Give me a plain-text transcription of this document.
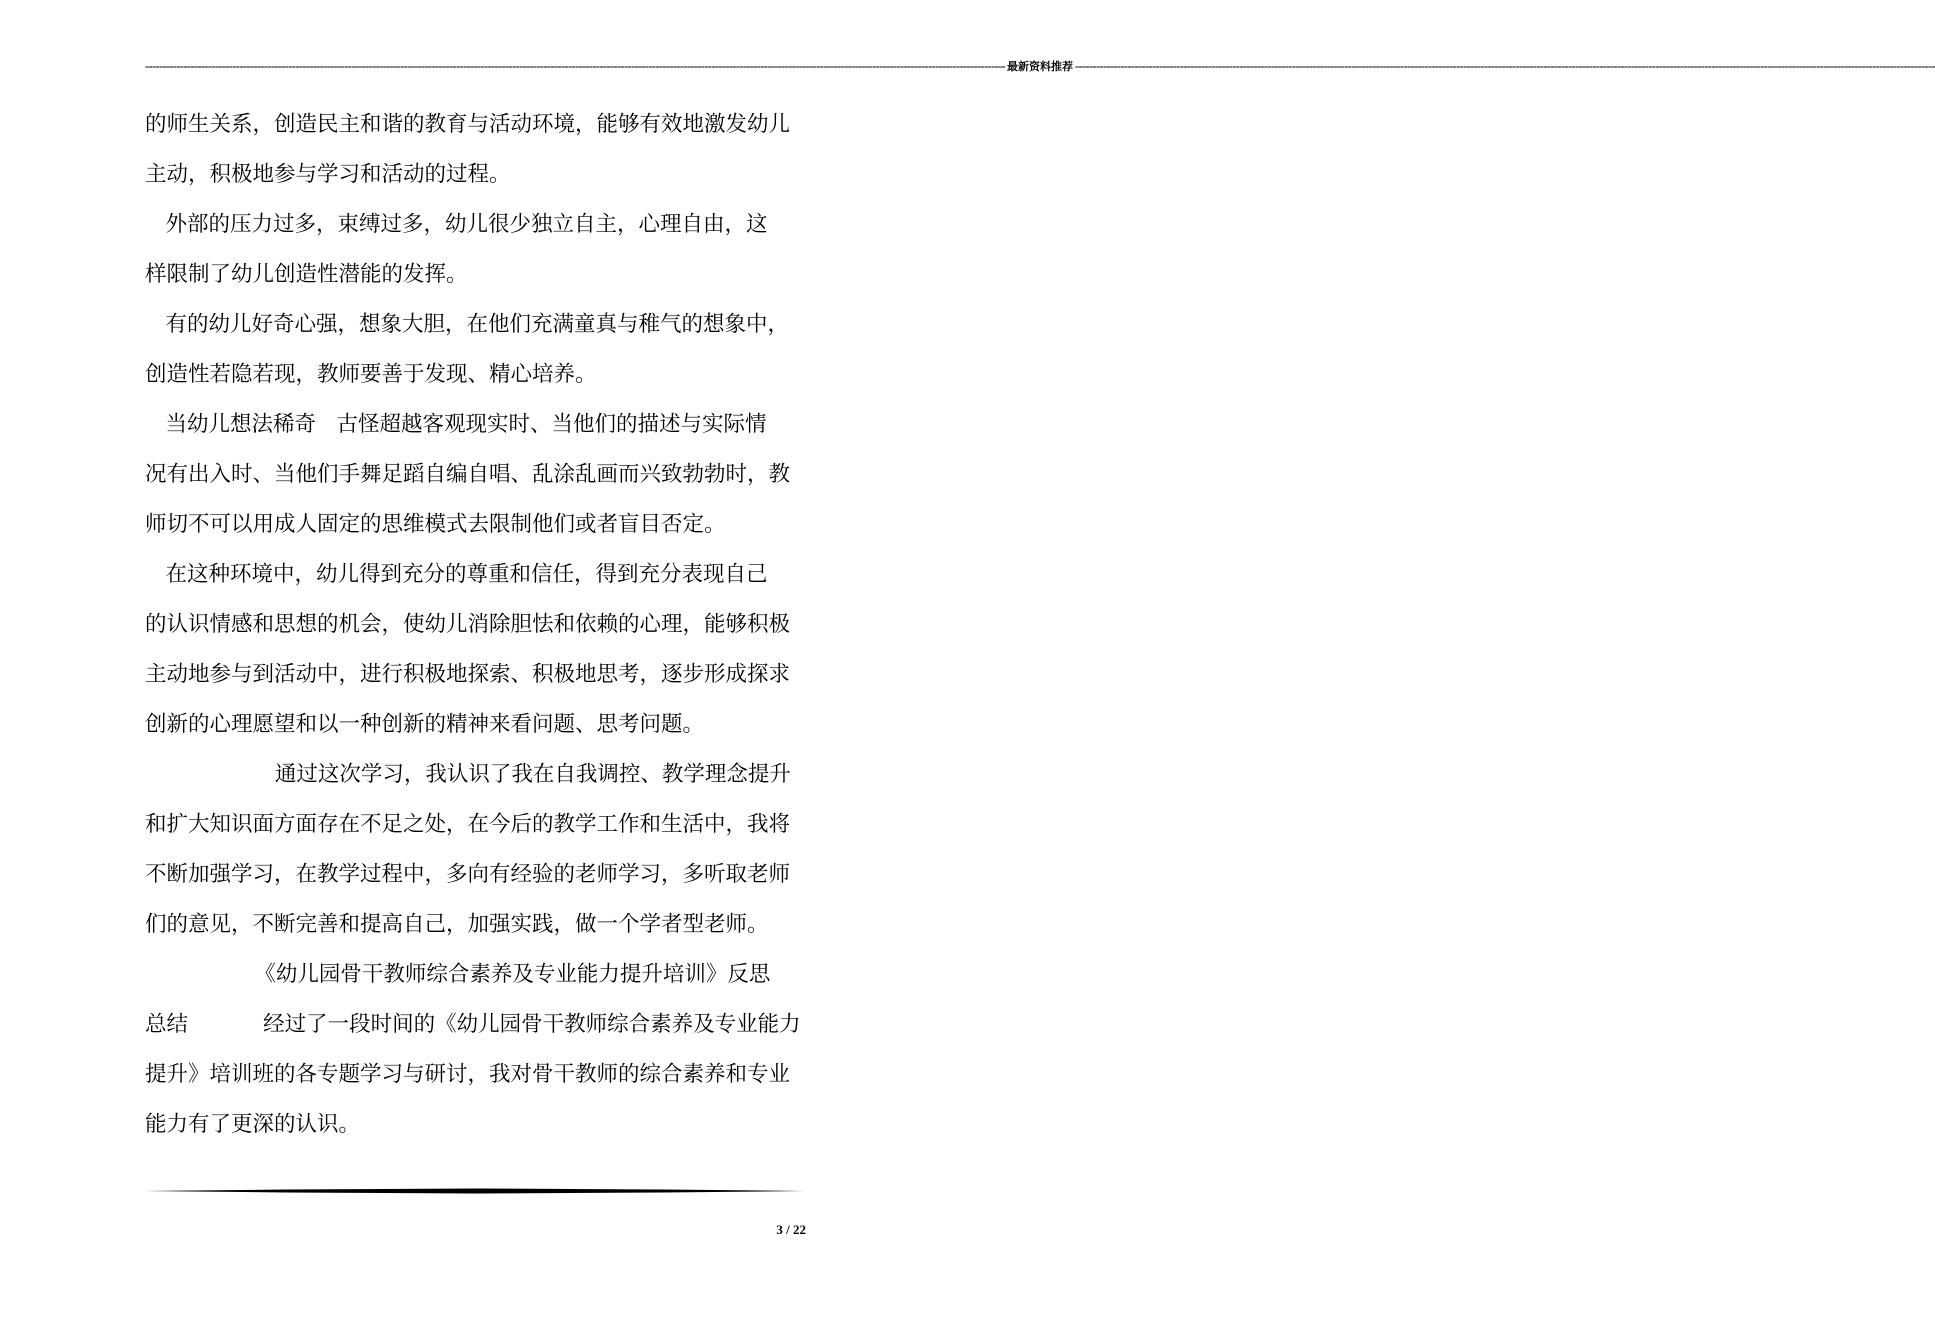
------------------------------------------------------------------------------------------------------------------------------------------------------------------------------------------------------------------------------------------------------ 最新资料推荐 ------------------------------------------------------------------------------------------------------------------------------------------------------------------------------------------------------------------------------------------------------
的师生关系，创造民主和谐的教育与活动环境，能够有效地激发幼儿
主动，积极地参与学习和活动的过程。
外部的压力过多，束缚过多，幼儿很少独立自主，心理自由，这
样限制了幼儿创造性潜能的发挥。
有的幼儿好奇心强，想象大胆，在他们充满童真与稚气的想象中，
创造性若隐若现，教师要善于发现、精心培养。
当幼儿想法稀奇   古怪超越客观现实时、当他们的描述与实际情
况有出入时、当他们手舞足蹈自编自唱、乱涂乱画而兴致勃勃时，教
师切不可以用成人固定的思维模式去限制他们或者盲目否定。
在这种环境中，幼儿得到充分的尊重和信任，得到充分表现自己
的认识情感和思想的机会，使幼儿消除胆怯和依赖的心理，能够积极
主动地参与到活动中，进行积极地探索、积极地思考，逐步形成探求
创新的心理愿望和以一种创新的精神来看问题、思考问题。
通过这次学习，我认识了我在自我调控、教学理念提升
和扩大知识面方面存在不足之处，在今后的教学工作和生活中，我将
不断加强学习，在教学过程中，多向有经验的老师学习，多听取老师
们的意见，不断完善和提高自己，加强实践，做一个学者型老师。
《幼儿园骨干教师综合素养及专业能力提升培训》反思
总结           经过了一段时间的《幼儿园骨干教师综合素养及专业能力
提升》培训班的各专题学习与研讨，我对骨干教师的综合素养和专业
能力有了更深的认识。
3 / 22
